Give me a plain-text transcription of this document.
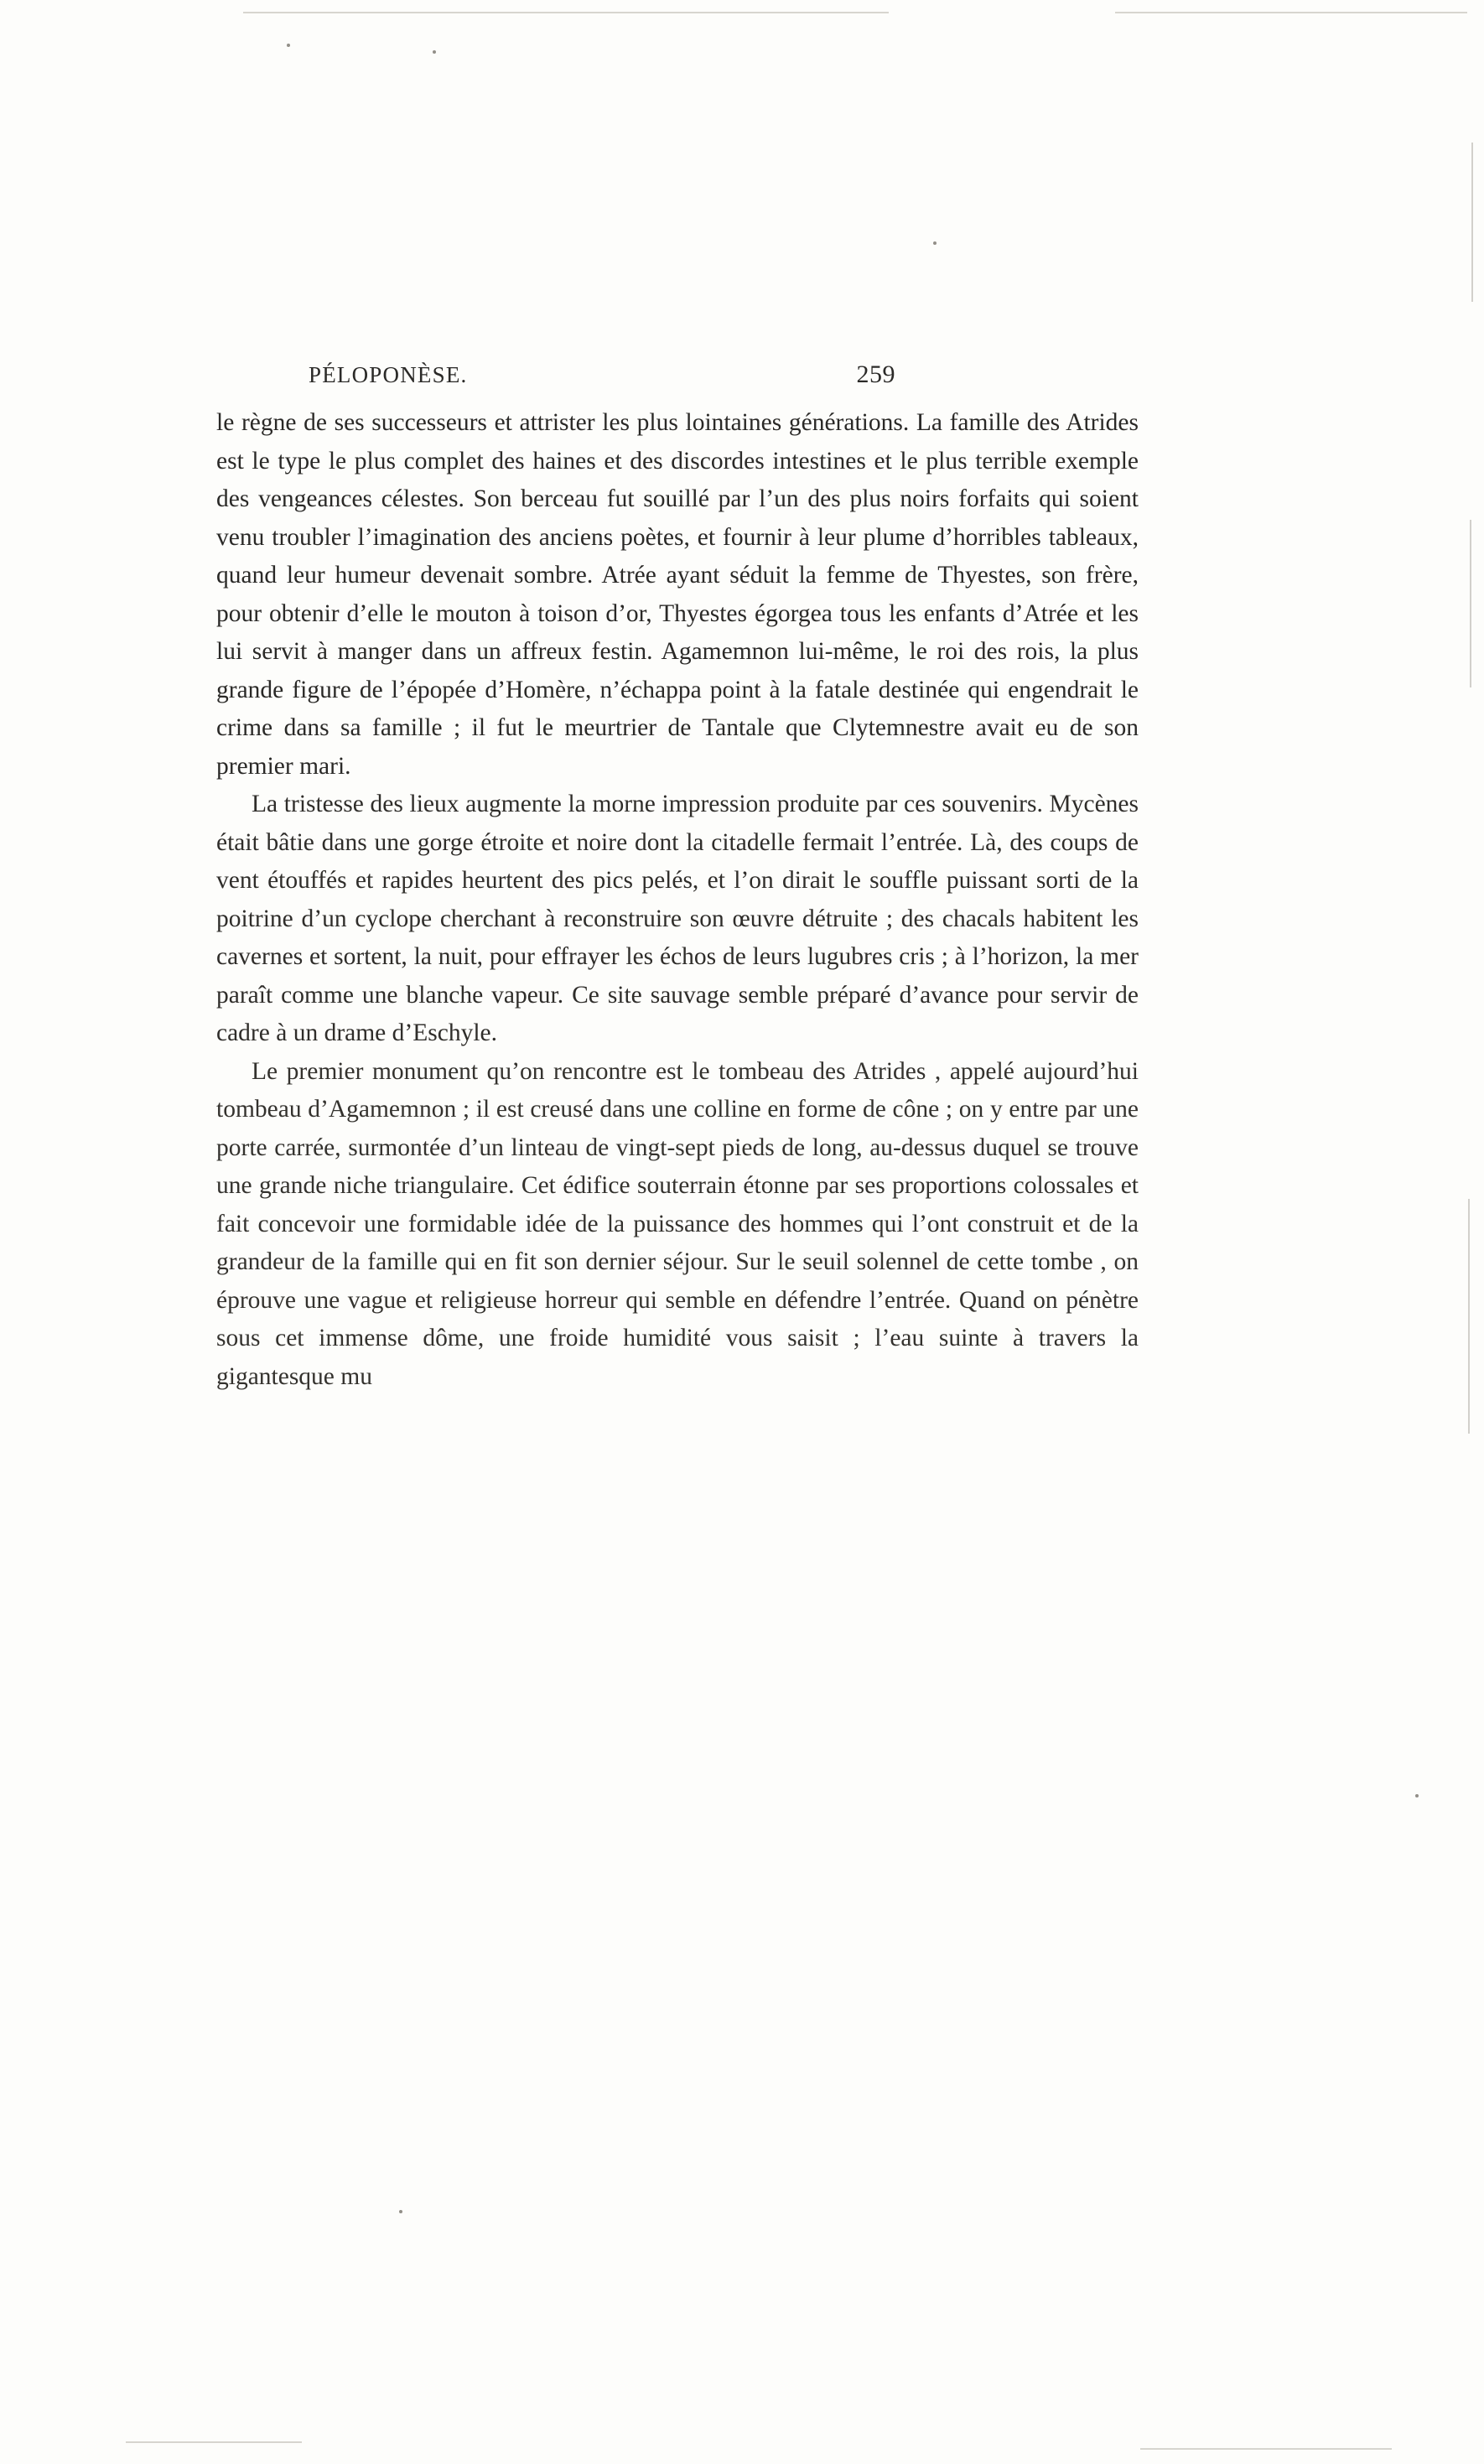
PÉLOPONÈSE.	259

le règne de ses successeurs et attrister les plus lointaines générations. La famille des Atrides est le type le plus complet des haines et des discordes intestines et le plus terrible exemple des vengeances célestes. Son berceau fut souillé par l’un des plus noirs forfaits qui soient venu troubler l’imagination des anciens poètes, et fournir à leur plume d’horribles tableaux, quand leur humeur devenait sombre. Atrée ayant séduit la femme de Thyestes, son frère, pour obtenir d’elle le mouton à toison d’or, Thyestes égorgea tous les enfants d’Atrée et les lui servit à manger dans un affreux festin. Agamemnon lui-même, le roi des rois, la plus grande figure de l’épopée d’Homère, n’échappa point à la fatale destinée qui engendrait le crime dans sa famille ; il fut le meurtrier de Tantale que Clytemnestre avait eu de son premier mari.

La tristesse des lieux augmente la morne impression produite par ces souvenirs. Mycènes était bâtie dans une gorge étroite et noire dont la citadelle fermait l’entrée. Là, des coups de vent étouffés et rapides heurtent des pics pelés, et l’on dirait le souffle puissant sorti de la poitrine d’un cyclope cherchant à reconstruire son œuvre détruite ; des chacals habitent les cavernes et sortent, la nuit, pour effrayer les échos de leurs lugubres cris ; à l’horizon, la mer paraît comme une blanche vapeur. Ce site sauvage semble préparé d’avance pour servir de cadre à un drame d’Eschyle.

Le premier monument qu’on rencontre est le tombeau des Atrides , appelé aujourd’hui tombeau d’Agamemnon ; il est creusé dans une colline en forme de cône ; on y entre par une porte carrée, surmontée d’un linteau de vingt-sept pieds de long, au-dessus duquel se trouve une grande niche triangulaire. Cet édifice souterrain étonne par ses proportions colossales et fait concevoir une formidable idée de la puissance des hommes qui l’ont construit et de la grandeur de la famille qui en fit son dernier séjour. Sur le seuil solennel de cette tombe , on éprouve une vague et religieuse horreur qui semble en défendre l’entrée. Quand on pénètre sous cet immense dôme, une froide humidité vous saisit ; l’eau suinte à travers la gigantesque mu
